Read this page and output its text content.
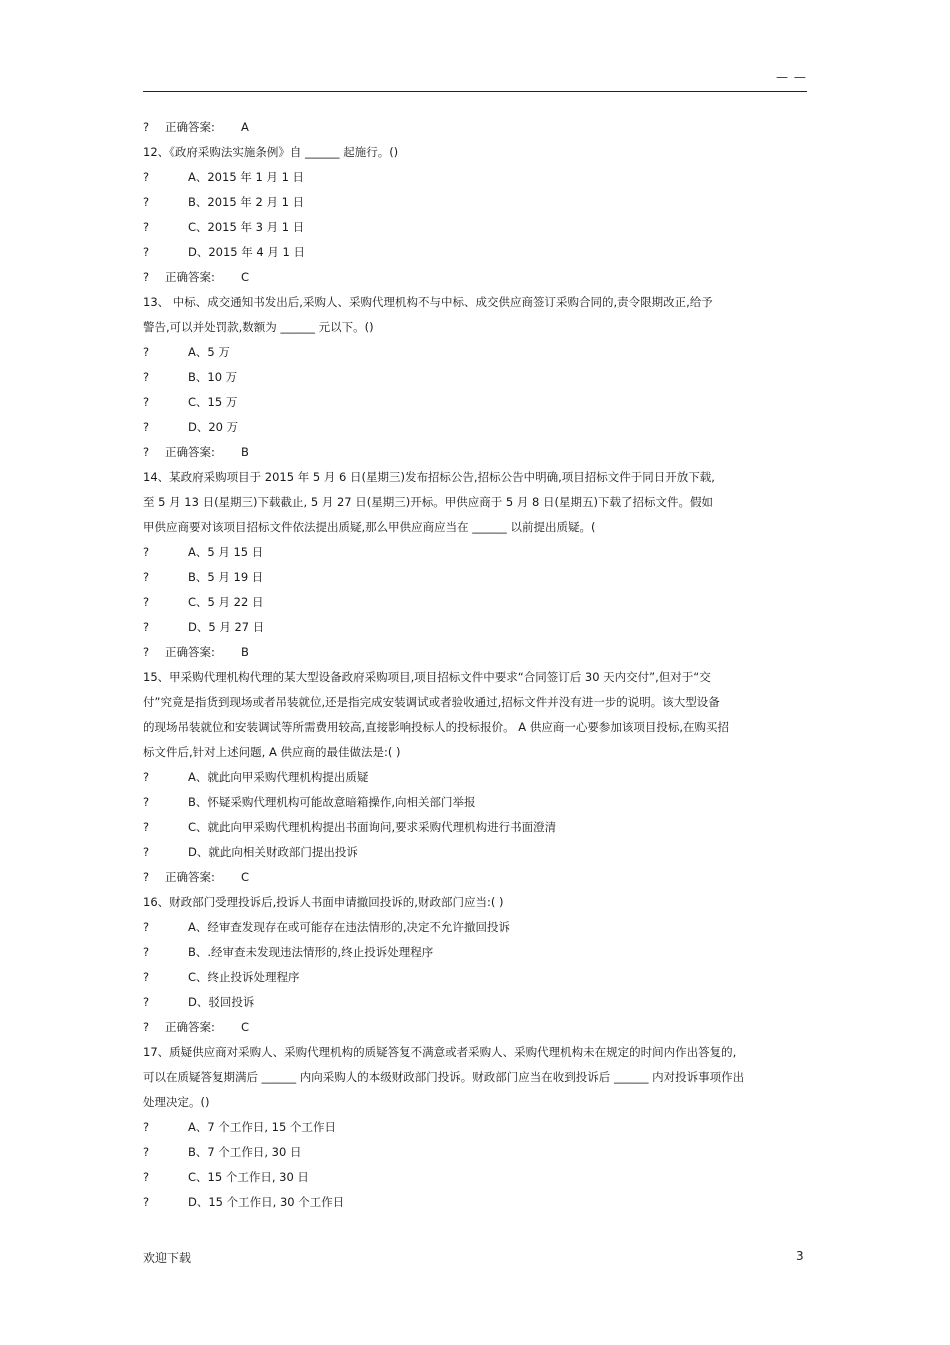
— —
?	正确答案: A
12、《政府采购法实施条例》自 ______ 起施行。()
?	A、2015 年 1 月 1 日
?	B、2015 年 2 月 1 日
?	C、2015 年 3 月 1 日
?	D、2015 年 4 月 1 日
?	正确答案: C
13、 中标、成交通知书发出后,采购人、采购代理机构不与中标、成交供应商签订采购合同的,责令限期改正,给予
警告,可以并处罚款,数额为 ______ 元以下。()
?	A、5 万
?	B、10 万
?	C、15 万
?	D、20 万
?	正确答案: B
14、某政府采购项目于 2015 年 5 月 6 日(星期三)发布招标公告,招标公告中明确,项目招标文件于同日开放下载,
至 5 月 13 日(星期三)下载截止, 5 月 27 日(星期三)开标。甲供应商于 5 月 8 日(星期五)下载了招标文件。假如
甲供应商要对该项目招标文件依法提出质疑,那么甲供应商应当在 ______ 以前提出质疑。(
?	A、5 月 15 日
?	B、5 月 19 日
?	C、5 月 22 日
?	D、5 月 27 日
?	正确答案: B
15、甲采购代理机构代理的某大型设备政府采购项目,项目招标文件中要求“合同签订后 30 天内交付”,但对于“交
付”究竟是指货到现场或者吊装就位,还是指完成安装调试或者验收通过,招标文件并没有进一步的说明。该大型设备
的现场吊装就位和安装调试等所需费用较高,直接影响投标人的投标报价。 A 供应商一心要参加该项目投标,在购买招
标文件后,针对上述问题, A 供应商的最佳做法是:( )
?	A、就此向甲采购代理机构提出质疑
?	B、怀疑采购代理机构可能故意暗箱操作,向相关部门举报
?	C、就此向甲采购代理机构提出书面询问,要求采购代理机构进行书面澄清
?	D、就此向相关财政部门提出投诉
?	正确答案: C
16、财政部门受理投诉后,投诉人书面申请撤回投诉的,财政部门应当:( )
?	A、经审查发现存在或可能存在违法情形的,决定不允许撤回投诉
?	B、.经审查未发现违法情形的,终止投诉处理程序
?	C、终止投诉处理程序
?	D、驳回投诉
?	正确答案: C
17、质疑供应商对采购人、采购代理机构的质疑答复不满意或者采购人、采购代理机构未在规定的时间内作出答复的,
可以在质疑答复期满后 ______ 内向采购人的本级财政部门投诉。财政部门应当在收到投诉后 ______ 内对投诉事项作出
处理决定。()
?	A、7 个工作日, 15 个工作日
?	B、7 个工作日, 30 日
?	C、15 个工作日, 30 日
?	D、15 个工作日, 30 个工作日
欢迎下载	3
